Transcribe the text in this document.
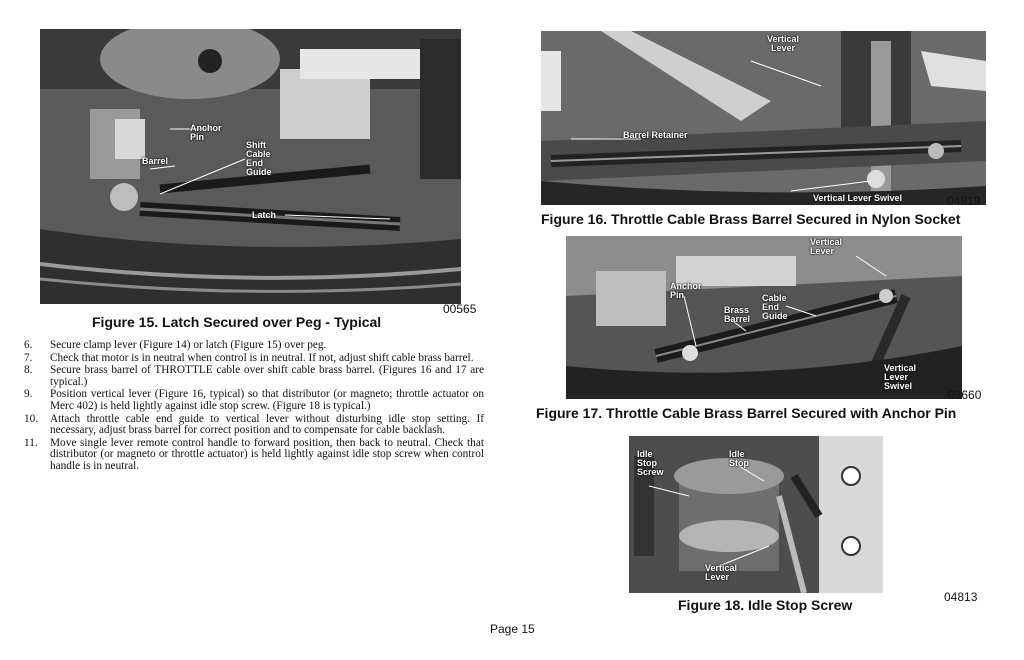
Anchor Pin
Barrel
Shift Cable End Guide
Latch
00565
Figure 15. Latch Secured over Peg - Typical
Vertical Lever
Barrel Retainer
Vertical Lever Swivel	04819
Figure 16. Throttle Cable Brass Barrel Secured in Nylon Socket
Vertical Lever
Anchor Pin
Brass Barrel
Cable End Guide
Vertical Lever Swivel
03660
Figure 17. Throttle Cable Brass Barrel Secured with Anchor Pin
Idle Stop Screw
Idle Stop
Vertical Lever
04813
Figure 18. Idle Stop Screw
6. Secure clamp lever (Figure 14) or latch (Figure 15) over peg.
7. Check that motor is in neutral when control is in neutral. If not, adjust shift cable brass barrel.
8. Secure brass barrel of THROTTLE cable over shift cable brass barrel. (Figures 16 and 17 are typical.)
9. Position vertical lever (Figure 16, typical) so that distributor (or magneto; throttle actuator on Merc 402) is held lightly against idle stop screw. (Figure 18 is typical.)
10. Attach throttle cable end guide to vertical lever without disturbing idle stop setting. If necessary, adjust brass barrel for correct position and to compensate for cable backlash.
11. Move single lever remote control handle to forward position, then back to neutral. Check that distributor (or magneto or throttle actuator) is held lightly against idle stop screw when control handle is in neutral.
Page 15
